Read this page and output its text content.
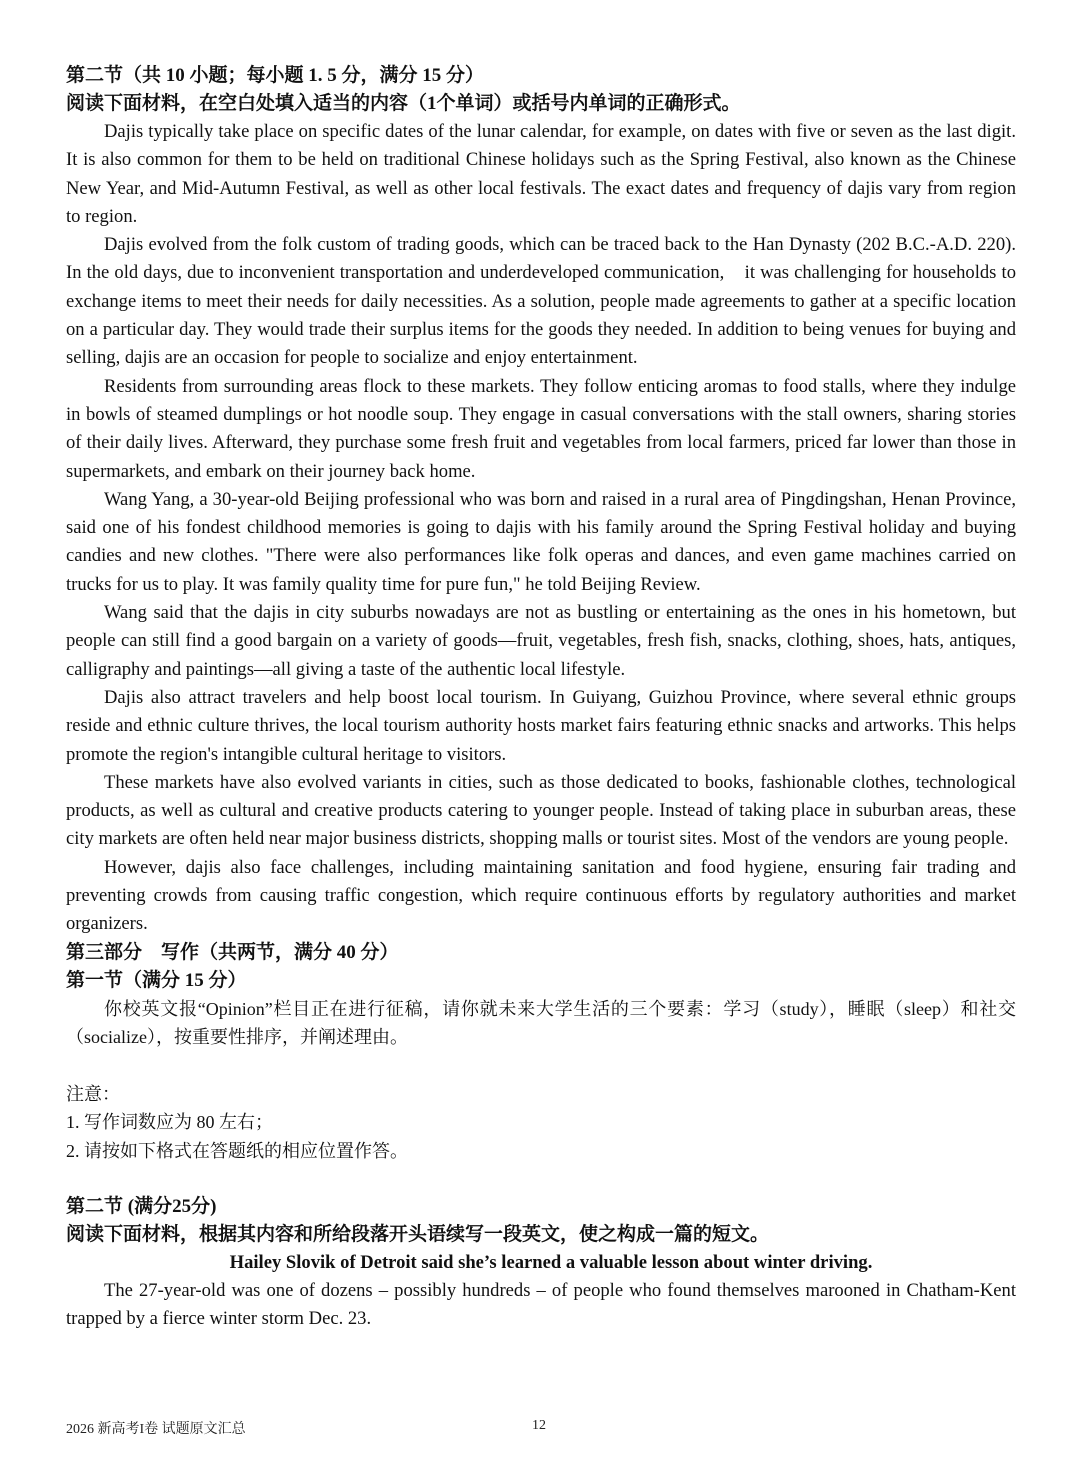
第二节（共 10 小题；每小题 1. 5 分，满分 15 分）

阅读下面材料，在空白处填入适当的内容（1个单词）或括号内单词的正确形式。

Dajis typically take place on specific dates of the lunar calendar, for example, on dates with five or seven as the last digit. It is also common for them to be held on traditional Chinese holidays such as the Spring Festival, also known as the Chinese New Year, and Mid-Autumn Festival, as well as other local festivals. The exact dates and frequency of dajis vary from region to region.

Dajis evolved from the folk custom of trading goods, which can be traced back to the Han Dynasty (202 B.C.-A.D. 220). In the old days, due to inconvenient transportation and underdeveloped communication,    it was challenging for households to exchange items to meet their needs for daily necessities. As a solution, people made agreements to gather at a specific location on a particular day. They would trade their surplus items for the goods they needed. In addition to being venues for buying and selling, dajis are an occasion for people to socialize and enjoy entertainment.

Residents from surrounding areas flock to these markets. They follow enticing aromas to food stalls, where they indulge in bowls of steamed dumplings or hot noodle soup. They engage in casual conversations with the stall owners, sharing stories of their daily lives. Afterward, they purchase some fresh fruit and vegetables from local farmers, priced far lower than those in supermarkets, and embark on their journey back home.

Wang Yang, a 30-year-old Beijing professional who was born and raised in a rural area of Pingdingshan, Henan Province, said one of his fondest childhood memories is going to dajis with his family around the Spring Festival holiday and buying candies and new clothes. "There were also performances like folk operas and dances, and even game machines carried on trucks for us to play. It was family quality time for pure fun," he told Beijing Review.

Wang said that the dajis in city suburbs nowadays are not as bustling or entertaining as the ones in his hometown, but people can still find a good bargain on a variety of goods—fruit, vegetables, fresh fish, snacks, clothing, shoes, hats, antiques, calligraphy and paintings—all giving a taste of the authentic local lifestyle.

Dajis also attract travelers and help boost local tourism. In Guiyang, Guizhou Province, where several ethnic groups reside and ethnic culture thrives, the local tourism authority hosts market fairs featuring ethnic snacks and artworks. This helps promote the region's intangible cultural heritage to visitors.

These markets have also evolved variants in cities, such as those dedicated to books, fashionable clothes, technological products, as well as cultural and creative products catering to younger people. Instead of taking place in suburban areas, these city markets are often held near major business districts, shopping malls or tourist sites. Most of the vendors are young people.

However, dajis also face challenges, including maintaining sanitation and food hygiene, ensuring fair trading and preventing crowds from causing traffic congestion, which require continuous efforts by regulatory authorities and market organizers.

第三部分　写作（共两节，满分 40 分）

第一节（满分 15 分）

你校英文报“Opinion”栏目正在进行征稿，请你就未来大学生活的三个要素：学习（study），睡眠（sleep）和社交（socialize），按重要性排序，并阐述理由。

注意：

1. 写作词数应为 80 左右；

2. 请按如下格式在答题纸的相应位置作答。

第二节 (满分25分)

阅读下面材料，根据其内容和所给段落开头语续写一段英文，使之构成一篇的短文。

Hailey Slovik of Detroit said she’s learned a valuable lesson about winter driving.

The 27-year-old was one of dozens – possibly hundreds – of people who found themselves marooned in Chatham-Kent trapped by a fierce winter storm Dec. 23.

2026 新高考I卷 试题原文汇总	12
